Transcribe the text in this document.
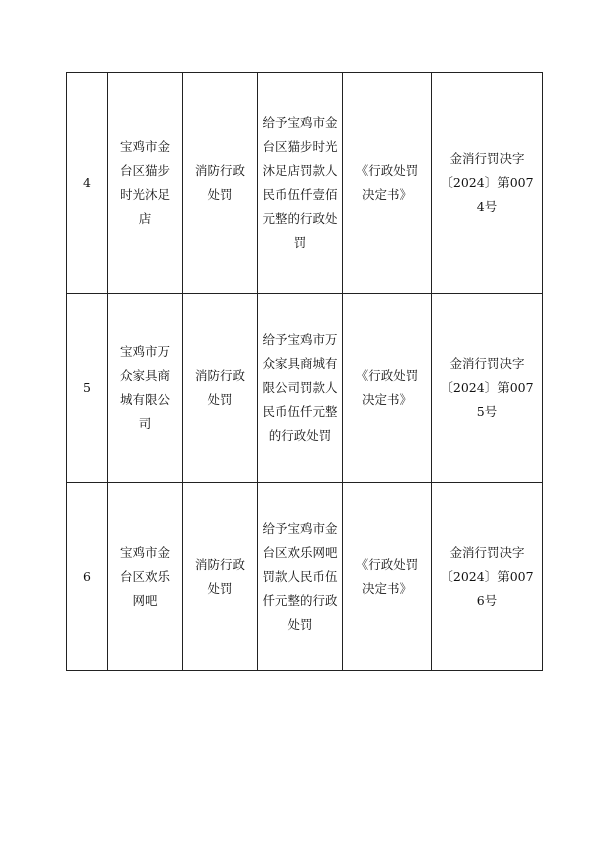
4	宝鸡市金台区猫步时光沐足店	消防行政处罚	给予宝鸡市金台区猫步时光沐足店罚款人民币伍仟壹佰元整的行政处罚	《行政处罚决定书》	金消行罚决字〔2024〕第0074号
5	宝鸡市万众家具商城有限公司	消防行政处罚	给予宝鸡市万众家具商城有限公司罚款人民币伍仟元整的行政处罚	《行政处罚决定书》	金消行罚决字〔2024〕第0075号
6	宝鸡市金台区欢乐网吧	消防行政处罚	给予宝鸡市金台区欢乐网吧罚款人民币伍仟元整的行政处罚	《行政处罚决定书》	金消行罚决字〔2024〕第0076号
